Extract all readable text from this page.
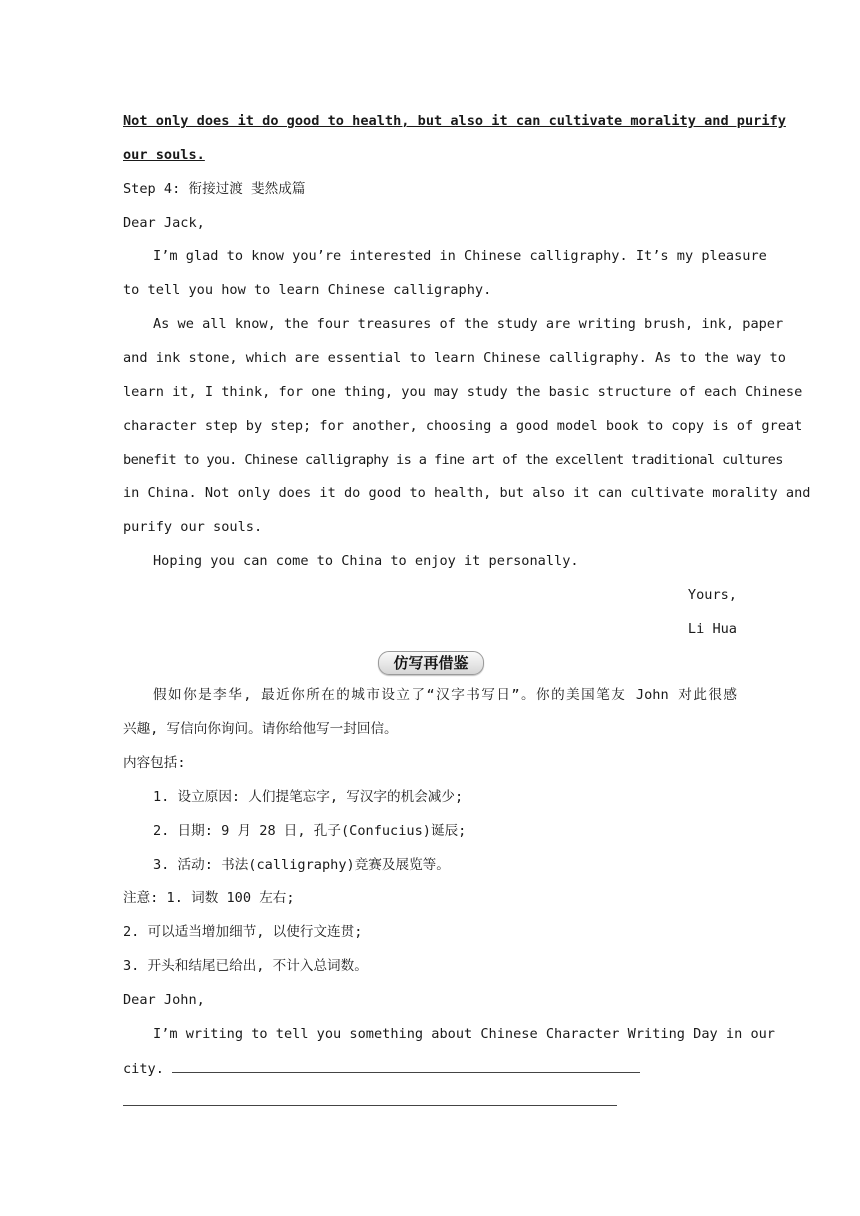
Not only does it do good to health, but also it can cultivate morality and purify
our souls.
Step 4: 衔接过渡 斐然成篇
Dear Jack,
I’m glad to know you’re interested in Chinese calligraphy. It’s my pleasure
to tell you how to learn Chinese calligraphy.
As we all know, the four treasures of the study are writing brush, ink, paper
and ink stone, which are essential to learn Chinese calligraphy. As to the way to
learn it, I think, for one thing, you may study the basic structure of each Chinese
character step by step; for another, choosing a good model book to copy is of great
benefit to you. Chinese calligraphy is a fine art of the excellent traditional cultures
in China. Not only does it do good to health, but also it can cultivate morality and
purify our souls.
Hoping you can come to China to enjoy it personally.
Yours,
Li Hua
仿写再借鉴
假如你是李华, 最近你所在的城市设立了“汉字书写日”。你的美国笔友 John 对此很感
兴趣, 写信向你询问。请你给他写一封回信。
内容包括:
1. 设立原因: 人们提笔忘字, 写汉字的机会减少;
2. 日期: 9 月 28 日, 孔子(Confucius)诞辰;
3. 活动: 书法(calligraphy)竞赛及展览等。
注意: 1. 词数 100 左右;
2. 可以适当增加细节, 以使行文连贯;
3. 开头和结尾已给出, 不计入总词数。
Dear John,
I’m writing to tell you something about Chinese Character Writing Day in our
city.
